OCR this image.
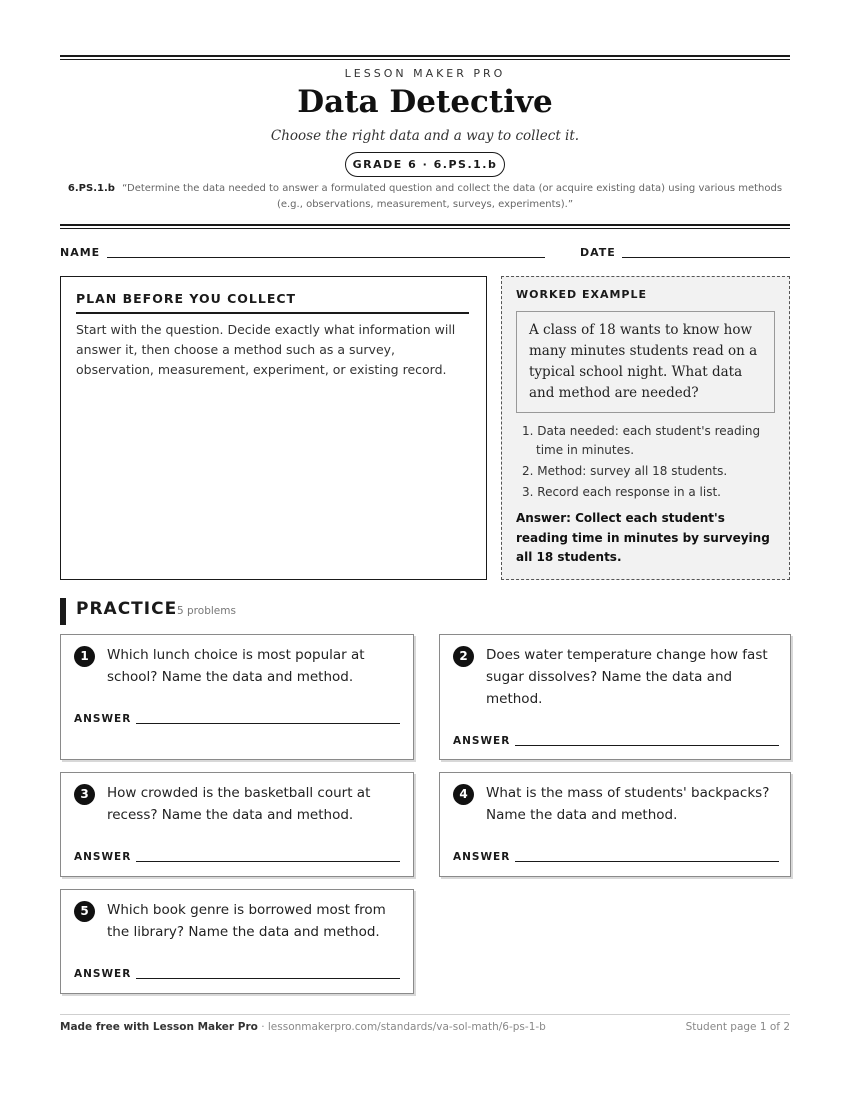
LESSON MAKER PRO
Data Detective
Choose the right data and a way to collect it.
GRADE 6 · 6.PS.1.b
6.PS.1.b “Determine the data needed to answer a formulated question and collect the data (or acquire existing data) using various methods (e.g., observations, measurement, surveys, experiments).”
NAME	DATE
PLAN BEFORE YOU COLLECT
Start with the question. Decide exactly what information will answer it, then choose a method such as a survey, observation, measurement, experiment, or existing record.
WORKED EXAMPLE
A class of 18 wants to know how many minutes students read on a typical school night. What data and method are needed?
1. Data needed: each student's reading time in minutes.
2. Method: survey all 18 students.
3. Record each response in a list.
Answer: Collect each student's reading time in minutes by surveying all 18 students.
PRACTICE 5 problems
1	Which lunch choice is most popular at school? Name the data and method.
ANSWER
2	Does water temperature change how fast sugar dissolves? Name the data and method.
ANSWER
3	How crowded is the basketball court at recess? Name the data and method.
ANSWER
4	What is the mass of students' backpacks? Name the data and method.
ANSWER
5	Which book genre is borrowed most from the library? Name the data and method.
ANSWER
Made free with Lesson Maker Pro · lessonmakerpro.com/standards/va-sol-math/6-ps-1-b	Student page 1 of 2
